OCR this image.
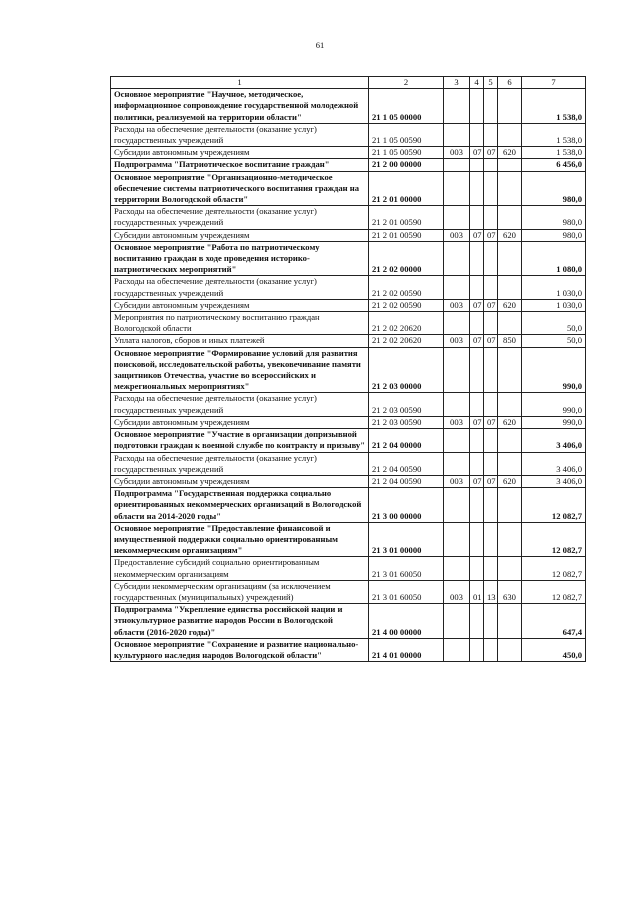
61
1	2	3	4	5	6	7
Основное мероприятие "Научное, методическое, информационное сопровождение государственной молодежной политики, реализуемой на территории области"	21 1 05 00000					1 538,0
Расходы на обеспечение деятельности (оказание услуг) государственных учреждений	21 1 05 00590					1 538,0
Субсидии автономным учреждениям	21 1 05 00590	003	07	07	620	1 538,0
Подпрограмма "Патриотическое воспитание граждан"	21 2 00 00000					6 456,0
Основное мероприятие "Организационно-методическое обеспечение системы патриотического воспитания граждан на территории Вологодской области"	21 2 01 00000					980,0
Расходы на обеспечение деятельности (оказание услуг) государственных учреждений	21 2 01 00590					980,0
Субсидии автономным учреждениям	21 2 01 00590	003	07	07	620	980,0
Основное мероприятие "Работа по патриотическому воспитанию граждан в ходе проведения историко-патриотических мероприятий"	21 2 02 00000					1 080,0
Расходы на обеспечение деятельности (оказание услуг) государственных учреждений	21 2 02 00590					1 030,0
Субсидии автономным учреждениям	21 2 02 00590	003	07	07	620	1 030,0
Мероприятия по патриотическому воспитанию граждан Вологодской области	21 2 02 20620					50,0
Уплата налогов, сборов и иных платежей	21 2 02 20620	003	07	07	850	50,0
Основное мероприятие "Формирование условий для развития поисковой, исследовательской работы, увековечивание памяти защитников Отечества, участие во всероссийских и межрегиональных мероприятиях"	21 2 03 00000					990,0
Расходы на обеспечение деятельности (оказание услуг) государственных учреждений	21 2 03 00590					990,0
Субсидии автономным учреждениям	21 2 03 00590	003	07	07	620	990,0
Основное мероприятие "Участие в организации допризывной подготовки граждан к военной службе по контракту и призыву"	21 2 04 00000					3 406,0
Расходы на обеспечение деятельности (оказание услуг) государственных учреждений	21 2 04 00590					3 406,0
Субсидии автономным учреждениям	21 2 04 00590	003	07	07	620	3 406,0
Подпрограмма "Государственная поддержка социально ориентированных некоммерческих организаций в Вологодской области на 2014-2020 годы"	21 3 00 00000					12 082,7
Основное мероприятие "Предоставление финансовой и имущественной поддержки социально ориентированным некоммерческим организациям"	21 3 01 00000					12 082,7
Предоставление субсидий социально ориентированным некоммерческим организациям	21 3 01 60050					12 082,7
Субсидии некоммерческим организациям (за исключением государственных (муниципальных) учреждений)	21 3 01 60050	003	01	13	630	12 082,7
Подпрограмма "Укрепление единства российской нации и этнокультурное развитие народов России в Вологодской области (2016-2020 годы)"	21 4 00 00000					647,4
Основное мероприятие "Сохранение и развитие национально-культурного наследия народов Вологодской области"	21 4 01 00000					450,0
